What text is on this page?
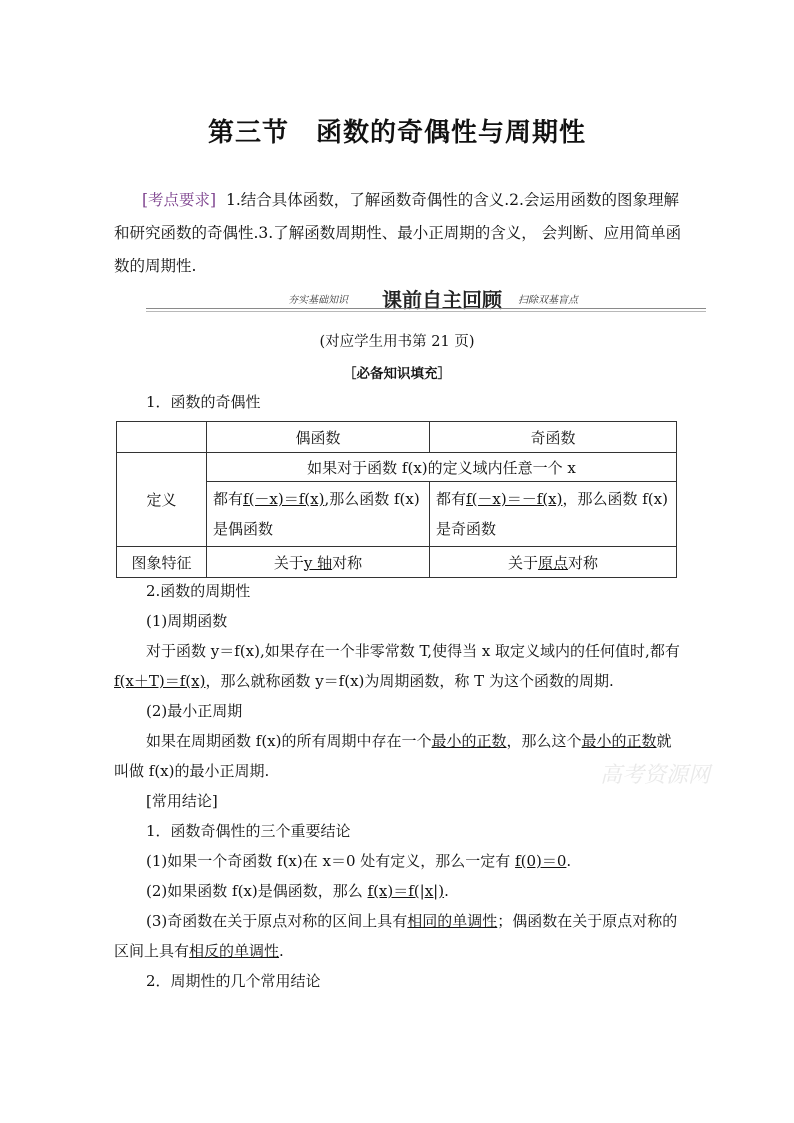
第三节　函数的奇偶性与周期性

[考点要求] 1.结合具体函数，了解函数奇偶性的含义.2.会运用函数的图象理解和研究函数的奇偶性.3.了解函数周期性、最小正周期的含义， 会判断、应用简单函数的周期性.

夯实基础知识 课前自主回顾 扫除双基盲点
(对应学生用书第 21 页)
［必备知识填充］
1．函数的奇偶性
	偶函数	奇函数
定义	如果对于函数 f(x)的定义域内任意一个 x	
	都有f(－x)＝f(x),那么函数 f(x)是偶函数	都有f(－x)＝－f(x)，那么函数 f(x)是奇函数
图象特征	关于y 轴对称	关于原点对称
2.函数的周期性

(1)周期函数

对于函数 y＝f(x),如果存在一个非零常数 T,使得当 x 取定义域内的任何值时,都有f(x＋T)＝f(x)，那么就称函数 y＝f(x)为周期函数，称 T 为这个函数的周期.

(2)最小正周期

如果在周期函数 f(x)的所有周期中存在一个最小的正数，那么这个最小的正数就叫做 f(x)的最小正周期.

[常用结论]

1．函数奇偶性的三个重要结论

(1)如果一个奇函数 f(x)在 x＝0 处有定义，那么一定有 f(0)＝0.

(2)如果函数 f(x)是偶函数，那么 f(x)＝f(|x|).

(3)奇函数在关于原点对称的区间上具有相同的单调性；偶函数在关于原点对称的区间上具有相反的单调性.

2．周期性的几个常用结论

高考资源网
